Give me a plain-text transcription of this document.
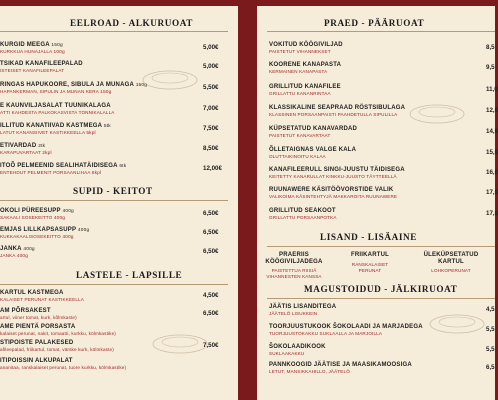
EELROAD - ALKURUOAT
KURGID MEEGA 150g
KURKKUA HUNAJALLA 100g
5,00€
TSIKAD KANAFILEEPALAD
ISTEISET KANAFILEEPALAT
5,00€
RINGAS HAPUKOORE, SIBULA JA MUNAGA 150g
HAPANKERMAN, SIPULIN JA MUNAN KERA 150g
5,50€
E KAUNVILJASALAT TUUNIKALAGA
ATTI KAHDESTA PALKOKASVISTA TONNIKALALLA
7,00€
ILLITUD KANATIIVAD KASTMEGA 5tk
LATUT KANANSIIVET KASTIKKEELLA 5kpl
7,50€
ETIVARDAD 2tk
KARAPUVARTAAT 2kpl
8,50€
ITOÕ PELMEENID SEALIHATÄIDISEGA 6tk
ENTEHDUT PELMENIT PORSAANLIHAA 6kpl
12,00€
SUPID - KEITOT
OKOLI PÜREESUPP 400g
SAKAALI SOSEKEITTO 400g
6,50€
EMJAS LILLKAPSASUPP 400g
KUKKAKAALISOSEKEITTO 400g
6,50€
JANKA 400g
JANKA 400g
6,50€
LASTELE - LAPSILLE
KARTUL KASTMEGA
KALAISET PERUNAT KASTIKKEELLA
4,50€
AM PÕRSAKEST
artul, viiner tomat, kurk, kõlmkaste)
6,50€
AME PIENTÄ PORSASTA
kalaiset perunat, nakit, tomaatti, kurkku, kölmkastike)
STIPOISTE PALAKESED
afileepalad, friikartul, tomat, värske kurk, kölmkaste)
7,50€
ITIPOISSIN ALKUPALAT
ananitaa, ranskalaiset perunat, tuore kurkku, kölmkastike)
PRAED - PÄÄRUOAT
VOKITUD KÖÖGIVILJAD
PAISTETUT VIHANNEKSET
8,5
KOORENE KANAPASTA
KERMAINEN KANAPASTA
9,5
GRILLITUD KANAFILEE
GRILLATTU KANANRINTAA
11,0
KLASSIKALINE SEAPRAAD RÖSTSIBULAGA
KLASSINEN PORSAANPAISTI PAAHDETULLA SIPULILLA
12,0
KÜPSETATUD KANAVARDAD
PAISTETUT KANAVARTAAT
14,0
ÕLLETAIGNAS VALGE KALA
OLUTTAIKINOITU KALAA
15,0
KANAFILEERULL SINGI-JUUSTU TÄIDISEGA
KEITETTY KANARULLAT KINKKU-JUUSTO TÄYTTEELLÄ
16,0
RUUNAWERE KÄSITÖÖVORSTIDE VALIK
VALIKOIMA KÄSINTEHTYJÄ MAKKAROITA RUUNAWERE
17,0
GRILLITUD SEAKOOT
GRILLATTU PORSAANPOTKA
17,0
LISAND - LISÄAINE
PRAERIIS KÖÖGIVILJADEGA
PAISTETTUA RIISIÄ VIHANNESTEN KANSSA
FRIIKARTUL
RANSKALAISET PERUNAT
ÜLEKÜPSETATUD KARTUL
LOHKOPERUNAT
MAGUSTOIDUD - JÄLKIRUOAT
JÄÄTIS LISANDITEGA
JÄÄTELÖ LISUKKEIN
4,5
TOORJUUSTUKOOK ŠOKOLAADI JA MARJADEGA
TUORJUUSTOKAKKU SUKLAALLA JA MARJOILLA
5,5
ŠOKOLAADIKOOK
SUKLAAKAKKU
5,5
PANNKOOGID JÄÄTISE JA MAASIKAMOOSIGA
LETUT, MANSIKKAHILLO, JÄÄTELÖ
6,5
